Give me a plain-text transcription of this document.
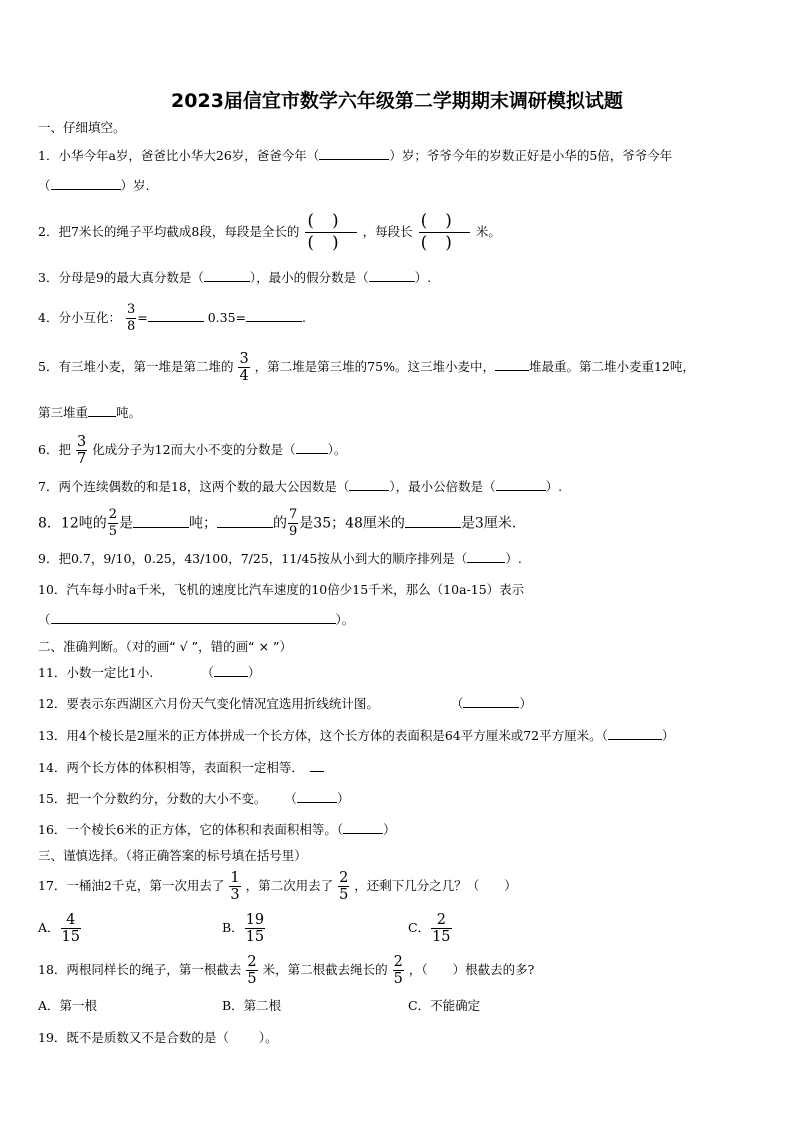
2023届信宜市数学六年级第二学期期末调研模拟试题
一、仔细填空。
1．小华今年a岁，爸爸比小华大26岁，爸爸今年（	）岁；爷爷今年的岁数正好是小华的5倍，爷爷今年
（	）岁.
2．把7米长的绳子平均截成8段，每段是全长的
()
()
，每段长
()
()
米。
3．分母是9的最大真分数是（	），最小的假分数是（	）.
4．分小互化： $\frac{3}{8}$ =	0.35=	.
5．有三堆小麦，第一堆是第二堆的 $\frac{3}{4}$ ，第二堆是第三堆的75%。这三堆小麦中，	堆最重。第二堆小麦重12吨，
第三堆重 吨。
6．把 $\frac{3}{7}$ 化成分子为12而大小不变的分数是（	）。
7．两个连续偶数的和是18，这两个数的最大公因数是（	），最小公倍数是（	）.
8．12吨的 $\frac{2}{5}$ 是	吨；	的 $\frac{7}{9}$ 是35；48厘米的	是3厘米.
9．把0.7，9/10，0.25，43/100，7/25，11/45按从小到大的顺序排列是（	）.
10．汽车每小时a千米，飞机的速度比汽车速度的10倍少15千米，那么（10a-15）表示
（	）。
二、准确判断。（对的画“ √ ”，错的画“ × ”）
11．小数一定比1小.	（	）
12．要表示东西湖区六月份天气变化情况宜选用折线统计图。	（	）
13．用4个棱长是2厘米的正方体拼成一个长方体，这个长方体的表面积是64平方厘米或72平方厘米。（	）
14．两个长方体的体积相等，表面积一定相等．
15．把一个分数约分，分数的大小不变。 （	）
16．一个棱长6米的正方体，它的体积和表面积相等。（	）
三、谨慎选择。（将正确答案的标号填在括号里）
17．一桶油2千克，第一次用去了 $\frac{1}{3}$ ，第二次用去了 $\frac{2}{5}$ ，还剩下几分之几？（　　）
A． $\frac{4}{15}$	B． $\frac{19}{15}$	C． $\frac{2}{15}$
18．两根同样长的绳子，第一根截去 $\frac{2}{5}$ 米，第二根截去绳长的 $\frac{2}{5}$ ，（　　）根截去的多?
A．第一根	B．第二根	C．不能确定
19．既不是质数又不是合数的是（ ）。
